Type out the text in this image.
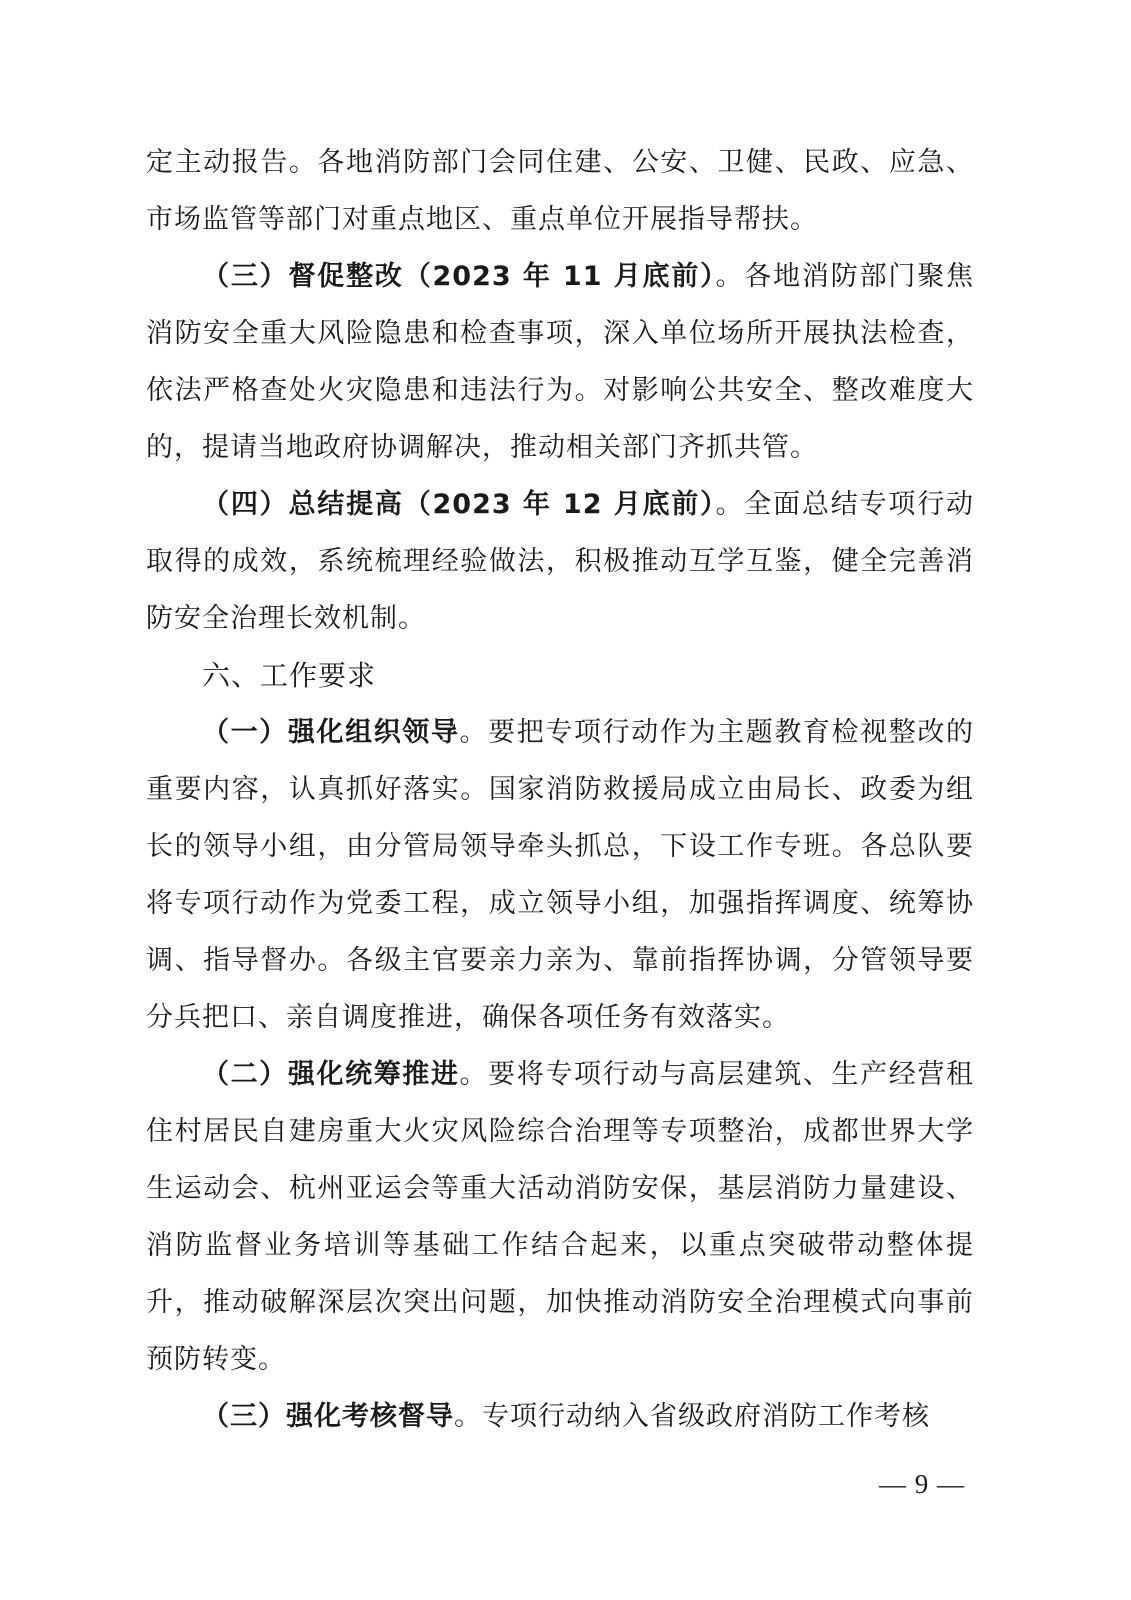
定主动报告。各地消防部门会同住建、公安、卫健、民政、应急、市场监管等部门对重点地区、重点单位开展指导帮扶。

（三）督促整改（2023 年 11 月底前）。各地消防部门聚焦消防安全重大风险隐患和检查事项，深入单位场所开展执法检查，依法严格查处火灾隐患和违法行为。对影响公共安全、整改难度大的，提请当地政府协调解决，推动相关部门齐抓共管。

（四）总结提高（2023 年 12 月底前）。全面总结专项行动取得的成效，系统梳理经验做法，积极推动互学互鉴，健全完善消防安全治理长效机制。

六、工作要求

（一）强化组织领导。要把专项行动作为主题教育检视整改的重要内容，认真抓好落实。国家消防救援局成立由局长、政委为组长的领导小组，由分管局领导牵头抓总，下设工作专班。各总队要将专项行动作为党委工程，成立领导小组，加强指挥调度、统筹协调、指导督办。各级主官要亲力亲为、靠前指挥协调，分管领导要分兵把口、亲自调度推进，确保各项任务有效落实。

（二）强化统筹推进。要将专项行动与高层建筑、生产经营租住村居民自建房重大火灾风险综合治理等专项整治，成都世界大学生运动会、杭州亚运会等重大活动消防安保，基层消防力量建设、消防监督业务培训等基础工作结合起来，以重点突破带动整体提升，推动破解深层次突出问题，加快推动消防安全治理模式向事前预防转变。

（三）强化考核督导。专项行动纳入省级政府消防工作考核

— 9 —
